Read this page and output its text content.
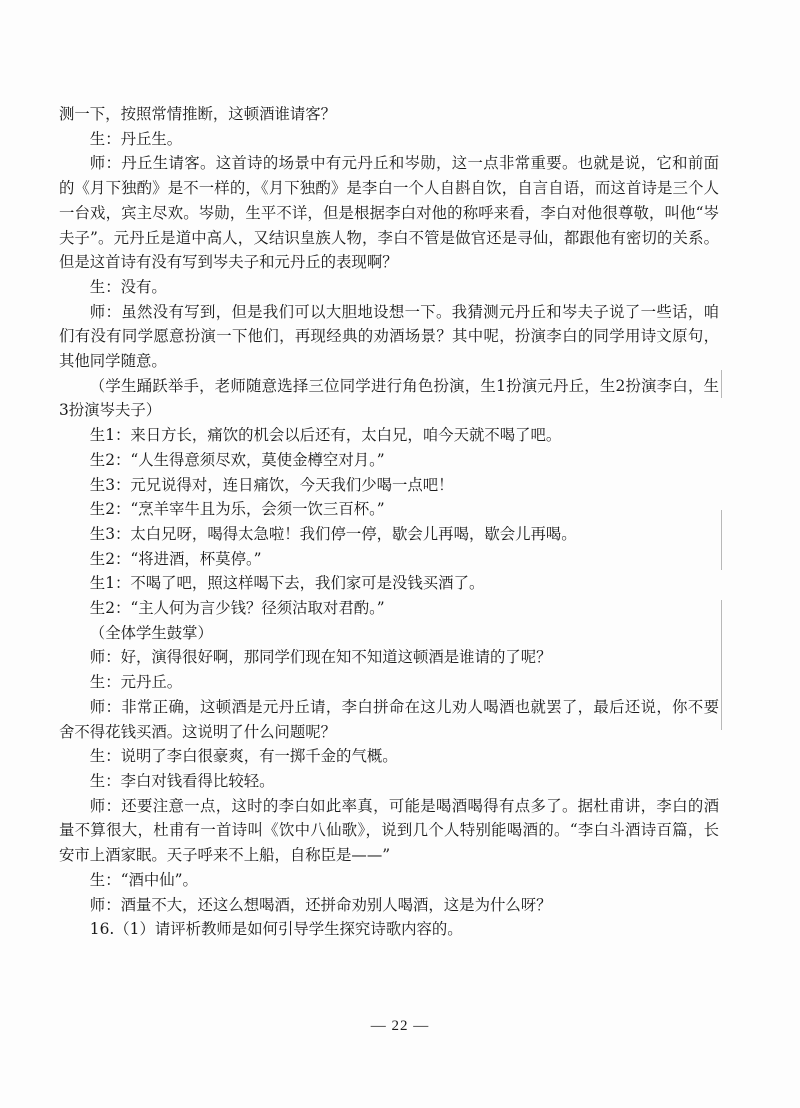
测一下，按照常情推断，这顿酒谁请客？

生：丹丘生。

师：丹丘生请客。这首诗的场景中有元丹丘和岑勋，这一点非常重要。也就是说，它和前面的《月下独酌》是不一样的，《月下独酌》是李白一个人自斟自饮，自言自语，而这首诗是三个人一台戏，宾主尽欢。岑勋，生平不详，但是根据李白对他的称呼来看，李白对他很尊敬，叫他“岑夫子”。元丹丘是道中高人，又结识皇族人物，李白不管是做官还是寻仙，都跟他有密切的关系。但是这首诗有没有写到岑夫子和元丹丘的表现啊？

生：没有。

师：虽然没有写到，但是我们可以大胆地设想一下。我猜测元丹丘和岑夫子说了一些话，咱们有没有同学愿意扮演一下他们，再现经典的劝酒场景？其中呢，扮演李白的同学用诗文原句，其他同学随意。

（学生踊跃举手，老师随意选择三位同学进行角色扮演，生1扮演元丹丘，生2扮演李白，生3扮演岑夫子）

生1：来日方长，痛饮的机会以后还有，太白兄，咱今天就不喝了吧。

生2：“人生得意须尽欢，莫使金樽空对月。”

生3：元兄说得对，连日痛饮，今天我们少喝一点吧！

生2：“烹羊宰牛且为乐，会须一饮三百杯。”

生3：太白兄呀，喝得太急啦！我们停一停，歇会儿再喝，歇会儿再喝。

生2：“将进酒，杯莫停。”

生1：不喝了吧，照这样喝下去，我们家可是没钱买酒了。

生2：“主人何为言少钱？径须沽取对君酌。”

（全体学生鼓掌）

师：好，演得很好啊，那同学们现在知不知道这顿酒是谁请的了呢？

生：元丹丘。

师：非常正确，这顿酒是元丹丘请，李白拼命在这儿劝人喝酒也就罢了，最后还说，你不要舍不得花钱买酒。这说明了什么问题呢？

生：说明了李白很豪爽，有一掷千金的气概。

生：李白对钱看得比较轻。

师：还要注意一点，这时的李白如此率真，可能是喝酒喝得有点多了。据杜甫讲，李白的酒量不算很大，杜甫有一首诗叫《饮中八仙歌》，说到几个人特别能喝酒的。“李白斗酒诗百篇，长安市上酒家眠。天子呼来不上船，自称臣是——”

生：“酒中仙”。

师：酒量不大，还这么想喝酒，还拼命劝别人喝酒，这是为什么呀？

16.（1）请评析教师是如何引导学生探究诗歌内容的。

— 22 —
